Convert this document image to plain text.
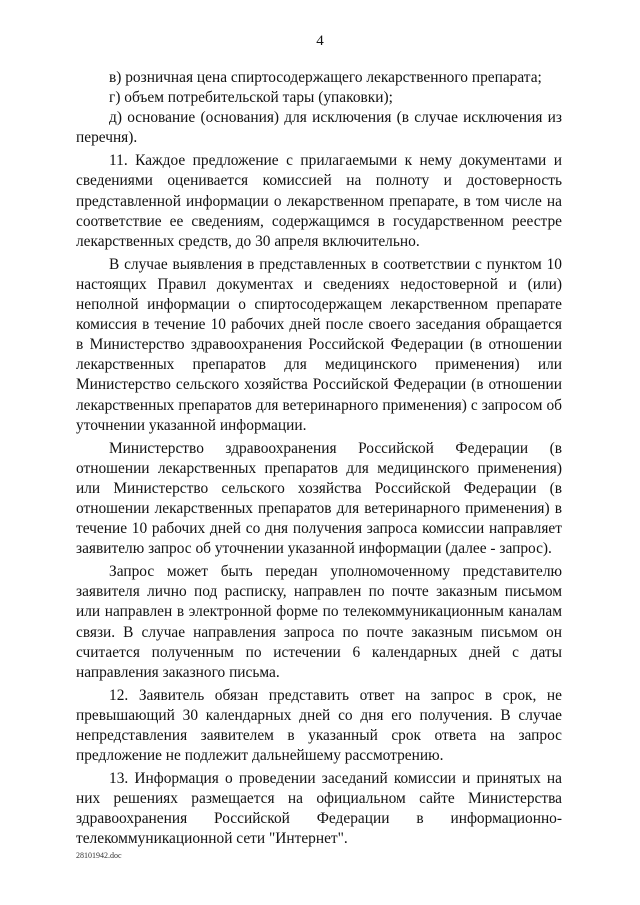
4

в) розничная цена спиртосодержащего лекарственного препарата;

г) объем потребительской тары (упаковки);

д) основание (основания) для исключения (в случае исключения из перечня).

11. Каждое предложение с прилагаемыми к нему документами и сведениями оценивается комиссией на полноту и достоверность представленной информации о лекарственном препарате, в том числе на соответствие ее сведениям, содержащимся в государственном реестре лекарственных средств, до 30 апреля включительно.

В случае выявления в представленных в соответствии с пунктом 10 настоящих Правил документах и сведениях недостоверной и (или) неполной информации о спиртосодержащем лекарственном препарате комиссия в течение 10 рабочих дней после своего заседания обращается в Министерство здравоохранения Российской Федерации (в отношении лекарственных препаратов для медицинского применения) или Министерство сельского хозяйства Российской Федерации (в отношении лекарственных препаратов для ветеринарного применения) с запросом об уточнении указанной информации.

Министерство здравоохранения Российской Федерации (в отношении лекарственных препаратов для медицинского применения) или Министерство сельского хозяйства Российской Федерации (в отношении лекарственных препаратов для ветеринарного применения) в течение 10 рабочих дней со дня получения запроса комиссии направляет заявителю запрос об уточнении указанной информации (далее - запрос).

Запрос может быть передан уполномоченному представителю заявителя лично под расписку, направлен по почте заказным письмом или направлен в электронной форме по телекоммуникационным каналам связи. В случае направления запроса по почте заказным письмом он считается полученным по истечении 6 календарных дней с даты направления заказного письма.

12. Заявитель обязан представить ответ на запрос в срок, не превышающий 30 календарных дней со дня его получения. В случае непредставления заявителем в указанный срок ответа на запрос предложение не подлежит дальнейшему рассмотрению.

13. Информация о проведении заседаний комиссии и принятых на них решениях размещается на официальном сайте Министерства здравоохранения Российской Федерации в информационно-телекоммуникационной сети "Интернет".

28101942.doc
